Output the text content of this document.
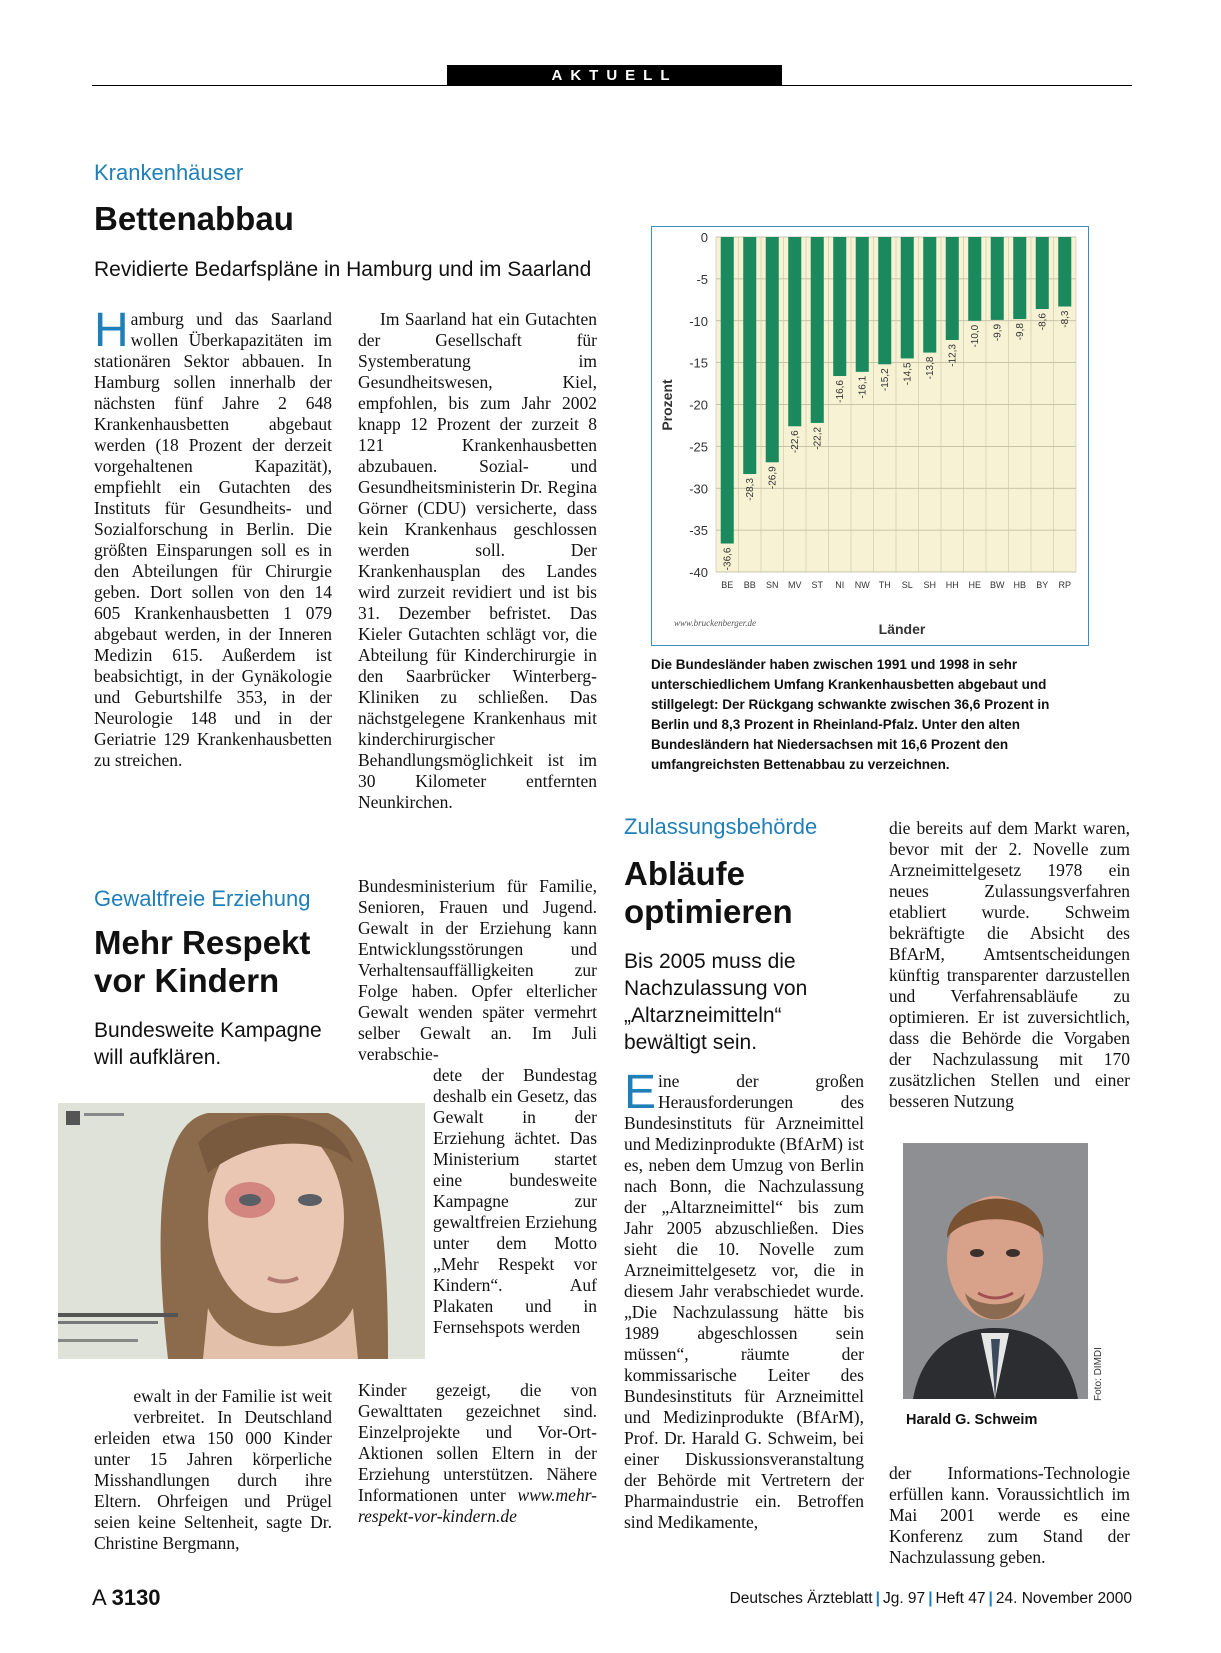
AKTUELL
Krankenhäuser
Bettenabbau
Revidierte Bedarfspläne in Hamburg und im Saarland
H amburg und das Saarland wollen Überkapazitäten im stationären Sektor abbauen. In Hamburg sollen innerhalb der nächsten fünf Jahre 2 648 Krankenhausbetten abgebaut werden (18 Prozent der derzeit vorgehaltenen Kapazität), empfiehlt ein Gutachten des Instituts für Gesundheits- und Sozialforschung in Berlin. Die größten Einsparungen soll es in den Abteilungen für Chirurgie geben. Dort sollen von den 14 605 Krankenhausbetten 1 079 abgebaut werden, in der Inneren Medizin 615. Außerdem ist beabsichtigt, in der Gynäkologie und Geburtshilfe 353, in der Neurologie 148 und in der Geriatrie 129 Krankenhausbetten zu streichen.

Im Saarland hat ein Gutachten der Gesellschaft für Systemberatung im Gesundheitswesen, Kiel, empfohlen, bis zum Jahr 2002 knapp 12 Prozent der zurzeit 8 121 Krankenhausbetten abzubauen. Sozial- und Gesundheitsministerin Dr. Regina Görner (CDU) versicherte, dass kein Krankenhaus geschlossen werden soll. Der Krankenhausplan des Landes wird zurzeit revidiert und ist bis 31. Dezember befristet. Das Kieler Gutachten schlägt vor, die Abteilung für Kinderchirurgie in den Saarbrücker Winterberg-Kliniken zu schließen. Das nächstgelegene Krankenhaus mit kinderchirurgischer Behandlungsmöglichkeit ist im 30 Kilometer entfernten Neunkirchen.

-36,6
-28,3
-26,9
-22,6 -22,2
-16,6 -16,1 -15,2 -14,5 -13,8
-12,3
-10,0 -9,9 -9,8
-8,6 -8,3
0
-5
-10
-15
-20
-25
-30
-35
-40
BE BB SN MV ST NI NW TH SL SH HH HE BW HB BY RP
Prozent
Länder
www.bruckenberger.de
Die Bundesländer haben zwischen 1991 und 1998 in sehr unterschiedlichem Umfang Krankenhausbetten abgebaut und stillgelegt: Der Rückgang schwankte zwischen 36,6 Prozent in Berlin und 8,3 Prozent in Rheinland-Pfalz. Unter den alten Bundesländern hat Niedersachsen mit 16,6 Prozent den umfangreichsten Bettenabbau zu verzeichnen.
Gewaltfreie Erziehung
Mehr Respekt
vor Kindern
Bundesweite Kampagne
will aufklären.
G ewalt in der Familie ist weit verbreitet. In Deutschland erleiden etwa 150 000 Kinder unter 15 Jahren körperliche Misshandlungen durch ihre Eltern. Ohrfeigen und Prügel seien keine Seltenheit, sagte Dr. Christine Bergmann,

Bundesministerium für Familie, Senioren, Frauen und Jugend. Gewalt in der Erziehung kann Entwicklungsstörungen und Verhaltensauffälligkeiten zur Folge haben. Opfer elterlicher Gewalt wenden später vermehrt selber Gewalt an. Im Juli verabschie-

dete der Bundestag deshalb ein Gesetz, das Gewalt in der Erziehung ächtet. Das Ministerium startet eine bundesweite Kampagne zur gewaltfreien Erziehung unter dem Motto „Mehr Respekt vor Kindern“. Auf Plakaten und in Fernsehspots werden

Kinder gezeigt, die von Gewalttaten gezeichnet sind. Einzelprojekte und Vor-Ort-Aktionen sollen Eltern in der Erziehung unterstützen. Nähere Informationen unter www.mehr-respekt-vor-kindern.de
Zulassungsbehörde
Abläufe
optimieren
Bis 2005 muss die Nachzulassung von „Altarzneimitteln“ bewältigt sein.
E ine der großen Herausforderungen des Bundesinstituts für Arzneimittel und Medizinprodukte (BfArM) ist es, neben dem Umzug von Berlin nach Bonn, die Nachzulassung der „Altarzneimittel“ bis zum Jahr 2005 abzuschließen. Dies sieht die 10. Novelle zum Arzneimittelgesetz vor, die in diesem Jahr verabschiedet wurde. „Die Nachzulassung hätte bis 1989 abgeschlossen sein müssen“, räumte der kommissarische Leiter des Bundesinstituts für Arzneimittel und Medizinprodukte (BfArM), Prof. Dr. Harald G. Schweim, bei einer Diskussionsveranstaltung der Behörde mit Vertretern der Pharmaindustrie ein. Betroffen sind Medikamente,

die bereits auf dem Markt waren, bevor mit der 2. Novelle zum Arzneimittelgesetz 1978 ein neues Zulassungsverfahren etabliert wurde. Schweim bekräftigte die Absicht des BfArM, Amtsentscheidungen künftig transparenter darzustellen und Verfahrensabläufe zu optimieren. Er ist zuversichtlich, dass die Behörde die Vorgaben der Nachzulassung mit 170 zusätzlichen Stellen und einer besseren Nutzung

Foto: DIMDI
Harald G. Schweim

der Informations-Technologie erfüllen kann. Voraussichtlich im Mai 2001 werde es eine Konferenz zum Stand der Nachzulassung geben.

A 3130	Deutsches Ärzteblatt | Jg. 97 | Heft 47 | 24. November 2000
